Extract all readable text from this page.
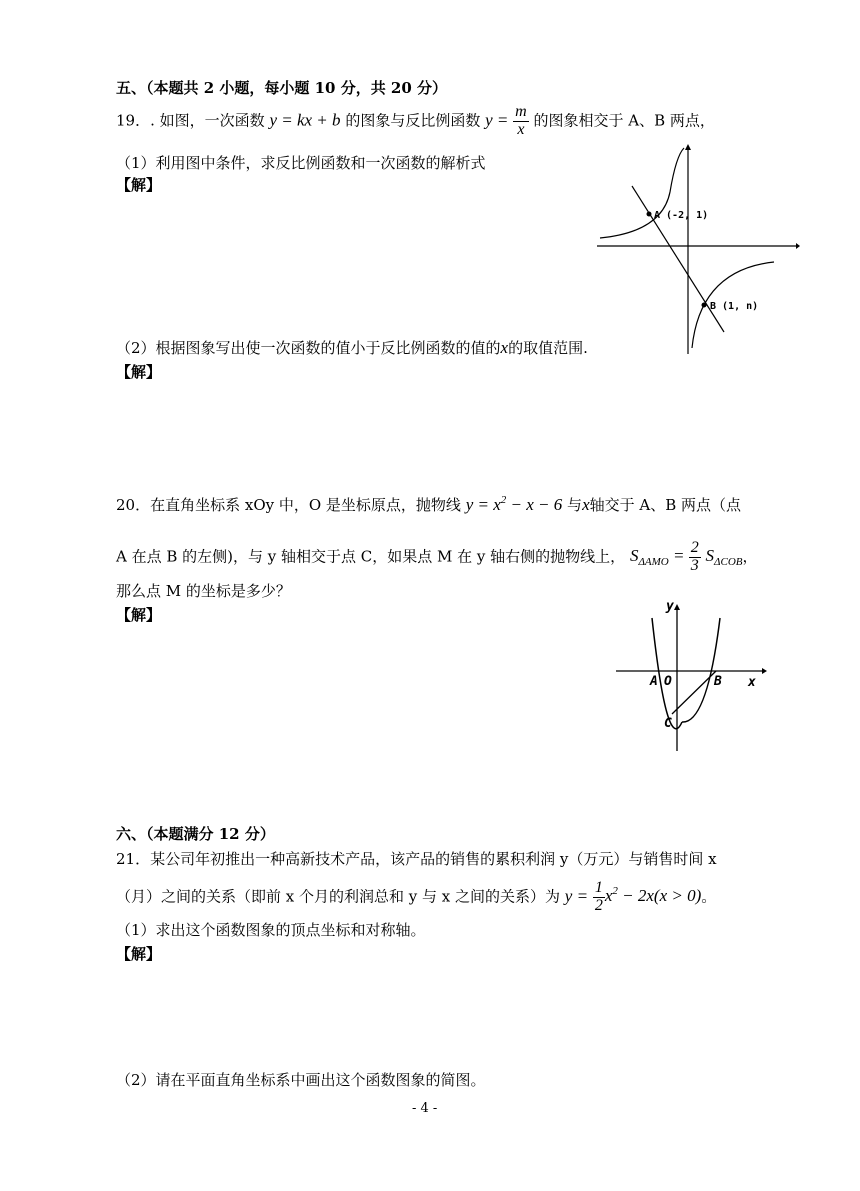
五、（本题共 2 小题，每小题 10 分，共 20 分）
19．. 如图，一次函数 y = kx + b 的图象与反比例函数 $y = \frac{m}{x}$ 的图象相交于 A、B 两点，
（1）利用图中条件，求反比例函数和一次函数的解析式
【解】
A (-2, 1)
B (1, n)
（2）根据图象写出使一次函数的值小于反比例函数的值的x的取值范围.
【解】
20．在直角坐标系 xOy 中，O 是坐标原点，抛物线 $y = x^2 - x - 6$ 与x轴交于 A、B 两点（点
A 在点 B 的左侧)，与 y 轴相交于点 C，如果点 M 在 y 轴右侧的抛物线上， $S_{\Delta AMO} = \frac{2}{3} S_{\Delta COB}$，
那么点 M 的坐标是多少？
【解】	y
x
A O	B
C
六、（本题满分 12 分）
21．某公司年初推出一种高新技术产品，该产品的销售的累积利润 y（万元）与销售时间 x
（月）之间的关系（即前 x 个月的利润总和 y 与 x 之间的关系）为 $y = \frac{1}{2} x^2 - 2x(x > 0)$。
（1）求出这个函数图象的顶点坐标和对称轴。
【解】
（2）请在平面直角坐标系中画出这个函数图象的简图。
- 4 -
